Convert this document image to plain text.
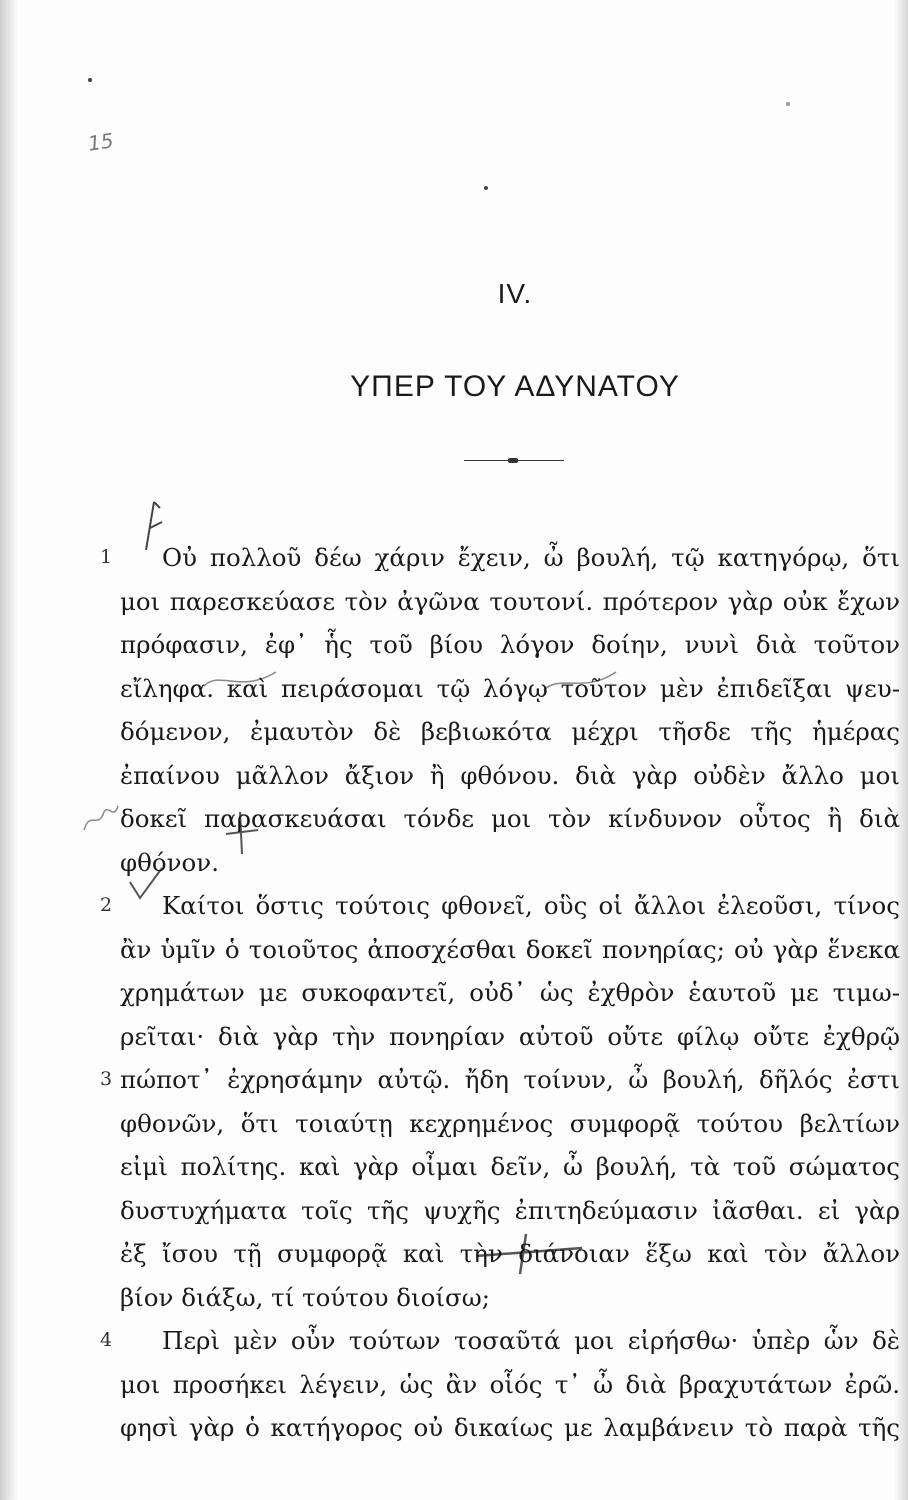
15
IV.
ΥΠΕΡ ΤΟΥ ΑΔΥΝΑΤΟΥ
1	Οὐ πολλοῦ δέω χάριν ἔχειν, ὦ βουλή, τῷ κατηγόρῳ, ὅτι
μοι παρεσκεύασε τὸν ἀγῶνα τουτονί. πρότερον γὰρ οὐκ ἔχων
πρόφασιν, ἐφ᾽ ἧς τοῦ βίου λόγον δοίην, νυνὶ διὰ τοῦτον
εἴληφα. καὶ πειράσομαι τῷ λόγῳ τοῦτον μὲν ἐπιδεῖξαι ψευ-
δόμενον, ἐμαυτὸν δὲ βεβιωκότα μέχρι τῆσδε τῆς ἡμέρας
ἐπαίνου μᾶλλον ἄξιον ἢ φθόνου. διὰ γὰρ οὐδὲν ἄλλο μοι
δοκεῖ παρασκευάσαι τόνδε μοι τὸν κίνδυνον οὗτος ἢ διὰ
φθόνον.
2	Καίτοι ὅστις τούτοις φθονεῖ, οὓς οἱ ἄλλοι ἐλεοῦσι, τίνος
ἂν ὑμῖν ὁ τοιοῦτος ἀποσχέσθαι δοκεῖ πονηρίας; οὐ γὰρ ἕνεκα
χρημάτων με συκοφαντεῖ, οὐδ᾽ ὡς ἐχθρὸν ἑαυτοῦ με τιμω-
ρεῖται· διὰ γὰρ τὴν πονηρίαν αὐτοῦ οὔτε φίλῳ οὔτε ἐχθρῷ
3 πώποτ᾽ ἐχρησάμην αὐτῷ. ἤδη τοίνυν, ὦ βουλή, δῆλός ἐστι
φθονῶν, ὅτι τοιαύτῃ κεχρημένος συμφορᾷ τούτου βελτίων
εἰμὶ πολίτης. καὶ γὰρ οἶμαι δεῖν, ὦ βουλή, τὰ τοῦ σώματος
δυστυχήματα τοῖς τῆς ψυχῆς ἐπιτηδεύμασιν ἰᾶσθαι. εἰ γὰρ
ἐξ ἴσου τῇ συμφορᾷ καὶ τὴν διάνοιαν ἕξω καὶ τὸν ἄλλον
βίον διάξω, τί τούτου διοίσω;
4	Περὶ μὲν οὖν τούτων τοσαῦτά μοι εἰρήσθω· ὑπὲρ ὧν δὲ
μοι προσήκει λέγειν, ὡς ἂν οἷός τ᾽ ὦ διὰ βραχυτάτων ἐρῶ.
φησὶ γὰρ ὁ κατήγορος οὐ δικαίως με λαμβάνειν τὸ παρὰ τῆς
